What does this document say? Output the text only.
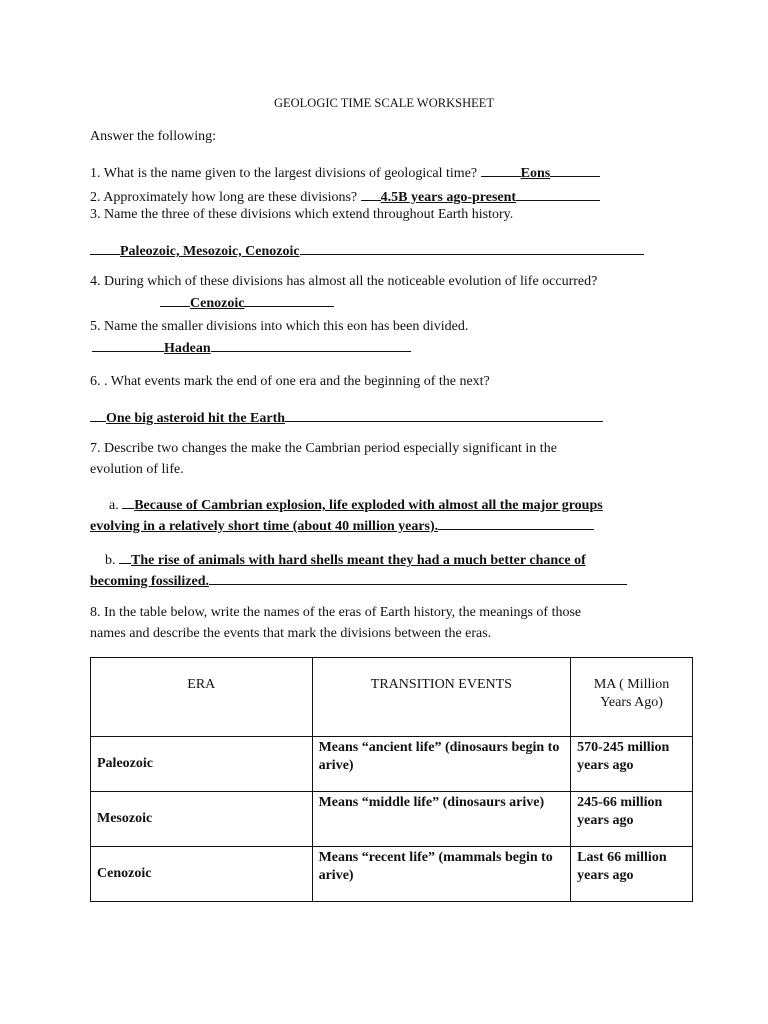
GEOLOGIC TIME SCALE WORKSHEET
Answer the following:
1. What is the name given to the largest divisions of geological time?	Eons
2. Approximately how long are these divisions? 4.5B years ago-present
3. Name the three of these divisions which extend throughout Earth history.
Paleozoic, Mesozoic, Cenozoic
4. During which of these divisions has almost all the noticeable evolution of life occurred?
Cenozoic
5. Name the smaller divisions into which this eon has been divided.
Hadean
6. . What events mark the end of one era and the beginning of the next?
One big asteroid hit the Earth
7. Describe two changes the make the Cambrian period especially significant in the
evolution of life.
a. Because of Cambrian explosion, life exploded with almost all the major groups
evolving in a relatively short time (about 40 million years).
b. The rise of animals with hard shells meant they had a much better chance of
becoming fossilized.
8. In the table below, write the names of the eras of Earth history, the meanings of those
names and describe the events that mark the divisions between the eras.
ERA	TRANSITION EVENTS	MA ( Million Years Ago)
Paleozoic	Means “ancient life” (dinosaurs begin to arive)	570-245 million years ago
Mesozoic	Means “middle life” (dinosaurs arive)	245-66 million years ago
Cenozoic	Means “recent life” (mammals begin to arive)	Last 66 million years ago
